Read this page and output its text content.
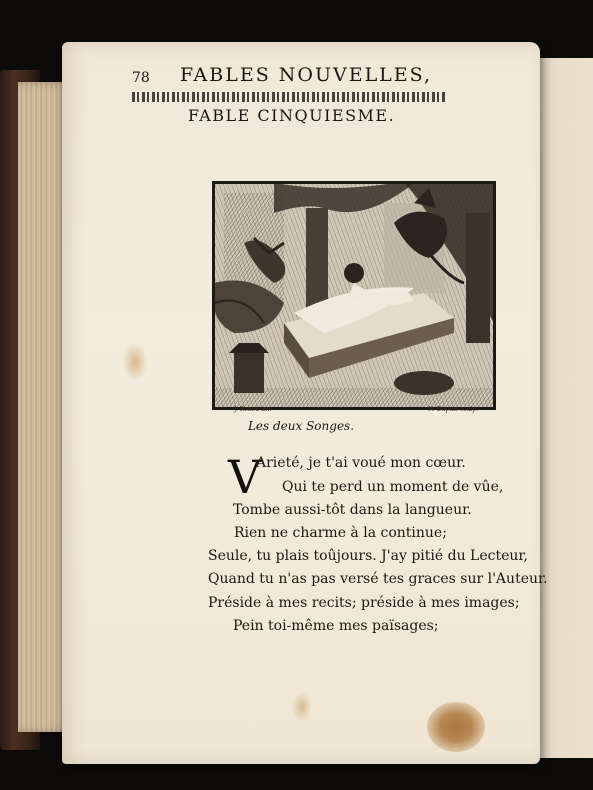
Les deux Songes.
78 FABLES NOUVELLES,
FABLE CINQUIESME.
J. Renou inv.	N. Dupuis sculp.
V
Arieté, je t'ai voué mon cœur.
Qui te perd un moment de vûe,
Tombe aussi-tôt dans la langueur.
Rien ne charme à la continue;
Seule, tu plais toûjours. J'ay pitié du Lecteur,
Quand tu n'as pas versé tes graces sur l'Auteur.
Préside à mes recits; préside à mes images;
Pein toi-même mes païsages;
